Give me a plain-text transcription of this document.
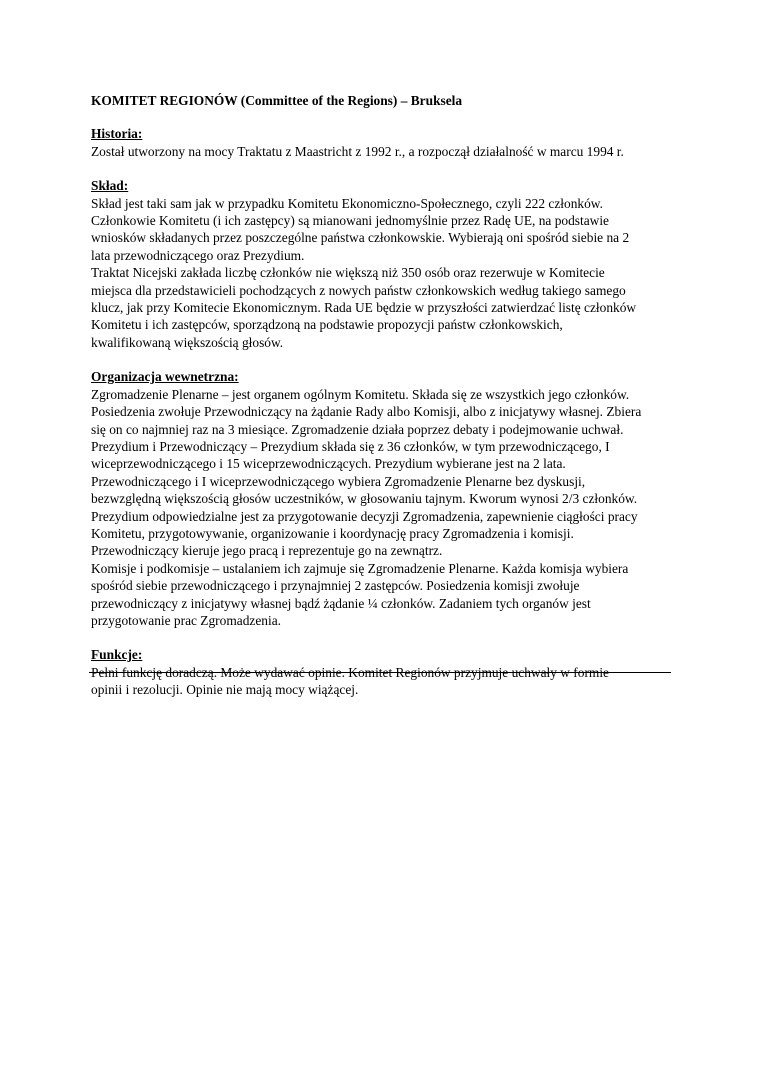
KOMITET REGIONÓW (Committee of the Regions) – Bruksela
Historia:
Został utworzony na mocy Traktatu z Maastricht z 1992 r., a rozpoczął działalność w marcu 1994 r.
Skład:
Skład jest taki sam jak w przypadku Komitetu Ekonomiczno-Społecznego, czyli 222 członków.
Członkowie Komitetu (i ich zastępcy) są mianowani jednomyślnie przez Radę UE, na podstawie
wniosków składanych przez poszczególne państwa członkowskie. Wybierają oni spośród siebie na 2
lata przewodniczącego oraz Prezydium.
Traktat Nicejski zakłada liczbę członków nie większą niż 350 osób oraz rezerwuje w Komitecie
miejsca dla przedstawicieli pochodzących z nowych państw członkowskich według takiego samego
klucz, jak przy Komitecie Ekonomicznym. Rada UE będzie w przyszłości zatwierdzać listę członków
Komitetu i ich zastępców, sporządzoną na podstawie propozycji państw członkowskich,
kwalifikowaną większością głosów.
Organizacja wewnetrzna:
Zgromadzenie Plenarne – jest organem ogólnym Komitetu. Składa się ze wszystkich jego członków.
Posiedzenia zwołuje Przewodniczący na żądanie Rady albo Komisji, albo z inicjatywy własnej. Zbiera
się on co najmniej raz na 3 miesiące. Zgromadzenie działa poprzez debaty i podejmowanie uchwał.
Prezydium i Przewodniczący – Prezydium składa się z 36 członków, w tym przewodniczącego, I
wiceprzewodniczącego i 15 wiceprzewodniczących. Prezydium wybierane jest na 2 lata.
Przewodniczącego i I wiceprzewodniczącego wybiera Zgromadzenie Plenarne bez dyskusji,
bezwzględną większością głosów uczestników, w głosowaniu tajnym. Kworum wynosi 2/3 członków.
Prezydium odpowiedzialne jest za przygotowanie decyzji Zgromadzenia, zapewnienie ciągłości pracy
Komitetu, przygotowywanie, organizowanie i koordynację pracy Zgromadzenia i komisji.
Przewodniczący kieruje jego pracą i reprezentuje go na zewnątrz.
Komisje i podkomisje – ustalaniem ich zajmuje się Zgromadzenie Plenarne. Każda komisja wybiera
spośród siebie przewodniczącego i przynajmniej 2 zastępców. Posiedzenia komisji zwołuje
przewodniczący z inicjatywy własnej bądź żądanie ¼ członków. Zadaniem tych organów jest
przygotowanie prac Zgromadzenia.
Funkcje:
Pełni funkcję doradczą. Może wydawać opinie. Komitet Regionów przyjmuje uchwały w formie
opinii i rezolucji. Opinie nie mają mocy wiążącej.
